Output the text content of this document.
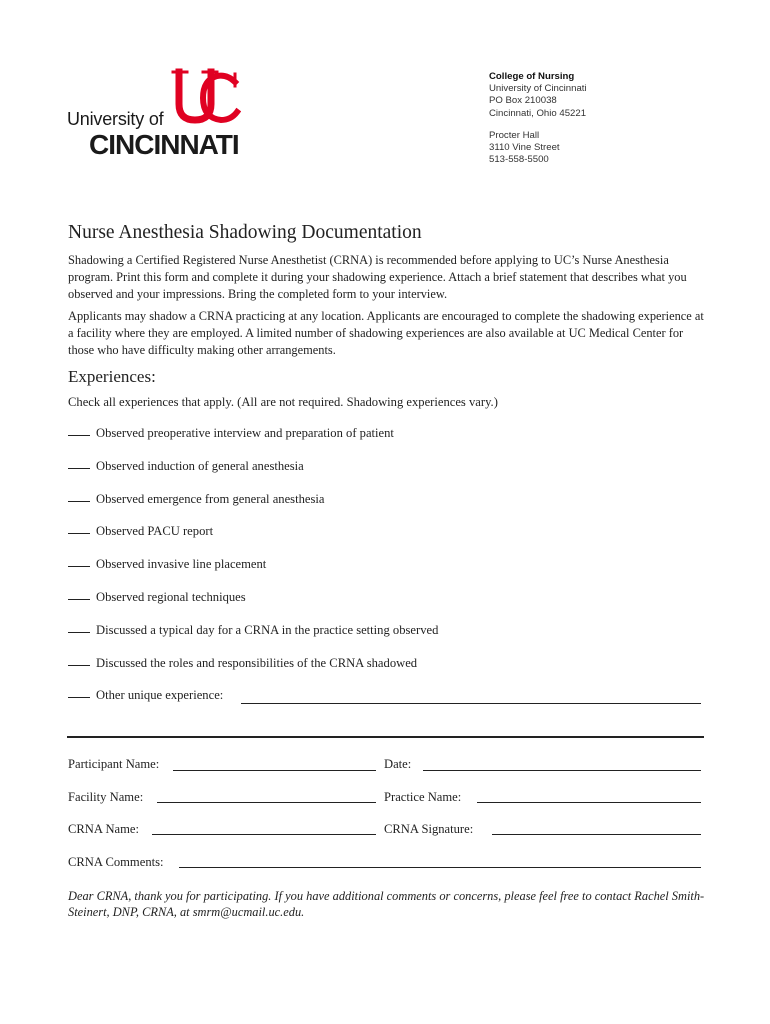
University of
CINCINNATI
College of Nursing
University of Cincinnati
PO Box 210038
Cincinnati, Ohio 45221
Procter Hall
3110 Vine Street
513-558-5500
Nurse Anesthesia Shadowing Documentation
Shadowing a Certified Registered Nurse Anesthetist (CRNA) is recommended before applying to UC’s Nurse Anesthesia program. Print this form and complete it during your shadowing experience. Attach a brief statement that describes what you observed and your impressions. Bring the completed form to your interview.
Applicants may shadow a CRNA practicing at any location. Applicants are encouraged to complete the shadowing experience at a facility where they are employed. A limited number of shadowing experiences are also available at UC Medical Center for those who have difficulty making other arrangements.
Experiences:
Check all experiences that apply. (All are not required. Shadowing experiences vary.)
Observed preoperative interview and preparation of patient
Observed induction of general anesthesia
Observed emergence from general anesthesia
Observed PACU report
Observed invasive line placement
Observed regional techniques
Discussed a typical day for a CRNA in the practice setting observed
Discussed the roles and responsibilities of the CRNA shadowed
Other unique experience:
Participant Name:	Date:
Facility Name:	Practice Name:
CRNA Name:	CRNA Signature:
CRNA Comments:
Dear CRNA, thank you for participating. If you have additional comments or concerns, please feel free to contact Rachel Smith-Steinert, DNP, CRNA, at smrm@ucmail.uc.edu.
